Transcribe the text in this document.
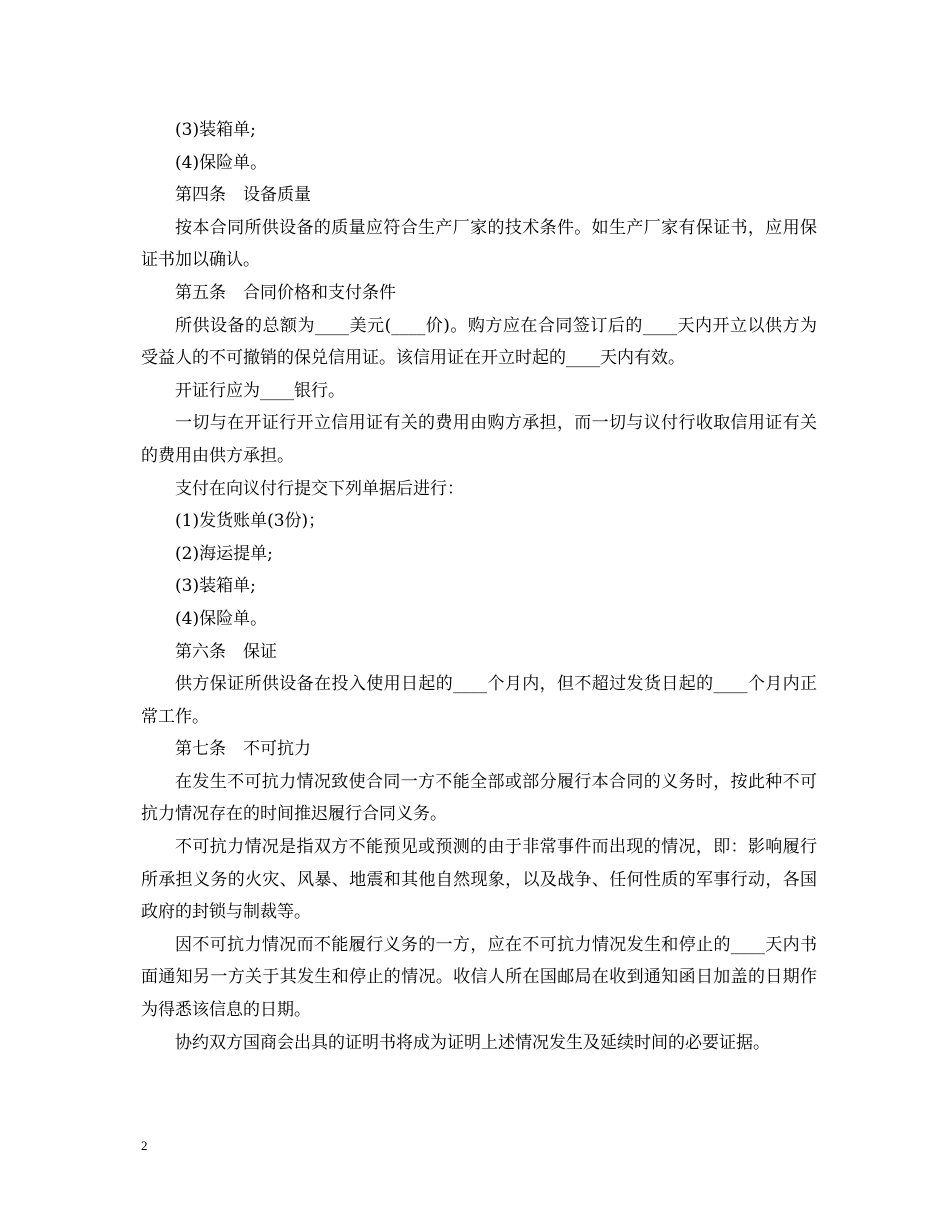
(3)装箱单;

(4)保险单。

第四条　设备质量

按本合同所供设备的质量应符合生产厂家的技术条件。如生产厂家有保证书，应用保证书加以确认。

第五条　合同价格和支付条件

所供设备的总额为____美元(____价)。购方应在合同签订后的____天内开立以供方为受益人的不可撤销的保兑信用证。该信用证在开立时起的____天内有效。

开证行应为____银行。

一切与在开证行开立信用证有关的费用由购方承担，而一切与议付行收取信用证有关的费用由供方承担。

支付在向议付行提交下列单据后进行：

(1)发货账单(3份)；

(2)海运提单;

(3)装箱单;

(4)保险单。

第六条　保证

供方保证所供设备在投入使用日起的____个月内，但不超过发货日起的____个月内正常工作。

第七条　不可抗力

在发生不可抗力情况致使合同一方不能全部或部分履行本合同的义务时，按此种不可抗力情况存在的时间推迟履行合同义务。

不可抗力情况是指双方不能预见或预测的由于非常事件而出现的情况，即：影响履行所承担义务的火灾、风暴、地震和其他自然现象，以及战争、任何性质的军事行动，各国政府的封锁与制裁等。

因不可抗力情况而不能履行义务的一方，应在不可抗力情况发生和停止的____天内书面通知另一方关于其发生和停止的情况。收信人所在国邮局在收到通知函日加盖的日期作为得悉该信息的日期。

协约双方国商会出具的证明书将成为证明上述情况发生及延续时间的必要证据。

2
